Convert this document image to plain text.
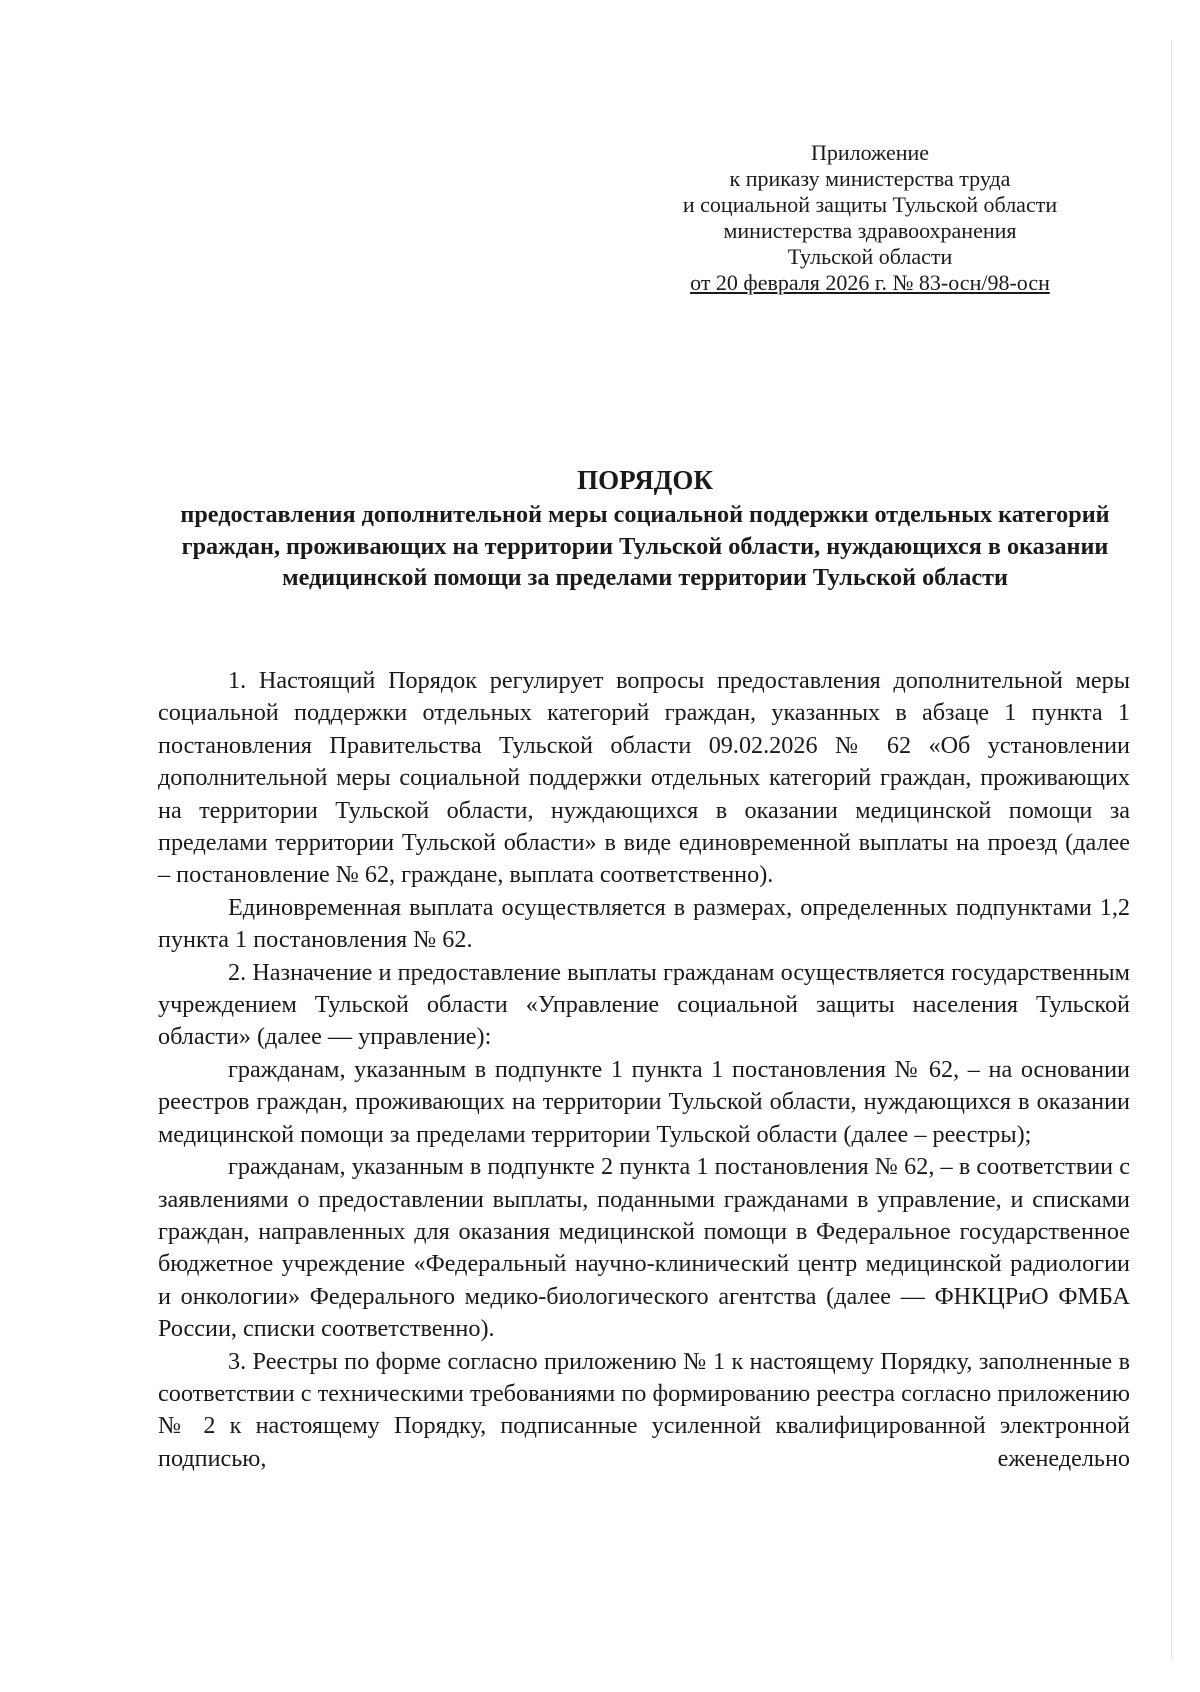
Приложение
к приказу министерства труда
и социальной защиты Тульской области
министерства здравоохранения
Тульской области
от 20 февраля 2026 г. № 83-осн/98-осн
ПОРЯДОК
предоставления дополнительной меры социальной поддержки отдельных категорий граждан, проживающих на территории Тульской области, нуждающихся в оказании медицинской помощи за пределами территории Тульской области

1. Настоящий Порядок регулирует вопросы предоставления дополнительной меры социальной поддержки отдельных категорий граждан, указанных в абзаце 1 пункта 1 постановления Правительства Тульской области 09.02.2026 № 62 «Об установлении дополнительной меры социальной поддержки отдельных категорий граждан, проживающих на территории Тульской области, нуждающихся в оказании медицинской помощи за пределами территории Тульской области» в виде единовременной выплаты на проезд (далее – постановление № 62, граждане, выплата соответственно).

Единовременная выплата осуществляется в размерах, определенных подпунктами 1,2 пункта 1 постановления № 62.

2. Назначение и предоставление выплаты гражданам осуществляется государственным учреждением Тульской области «Управление социальной защиты населения Тульской области» (далее — управление):

гражданам, указанным в подпункте 1 пункта 1 постановления № 62, – на основании реестров граждан, проживающих на территории Тульской области, нуждающихся в оказании медицинской помощи за пределами территории Тульской области (далее – реестры);

гражданам, указанным в подпункте 2 пункта 1 постановления № 62, – в соответствии с заявлениями о предоставлении выплаты, поданными гражданами в управление, и списками граждан, направленных для оказания медицинской помощи в Федеральное государственное бюджетное учреждение «Федеральный научно-клинический центр медицинской радиологии и онкологии» Федерального медико-биологического агентства (далее — ФНКЦРиО ФМБА России, списки соответственно).

3. Реестры по форме согласно приложению № 1 к настоящему Порядку, заполненные в соответствии с техническими требованиями по формированию реестра согласно приложению № 2 к настоящему Порядку, подписанные усиленной квалифицированной электронной подписью, еженедельно
